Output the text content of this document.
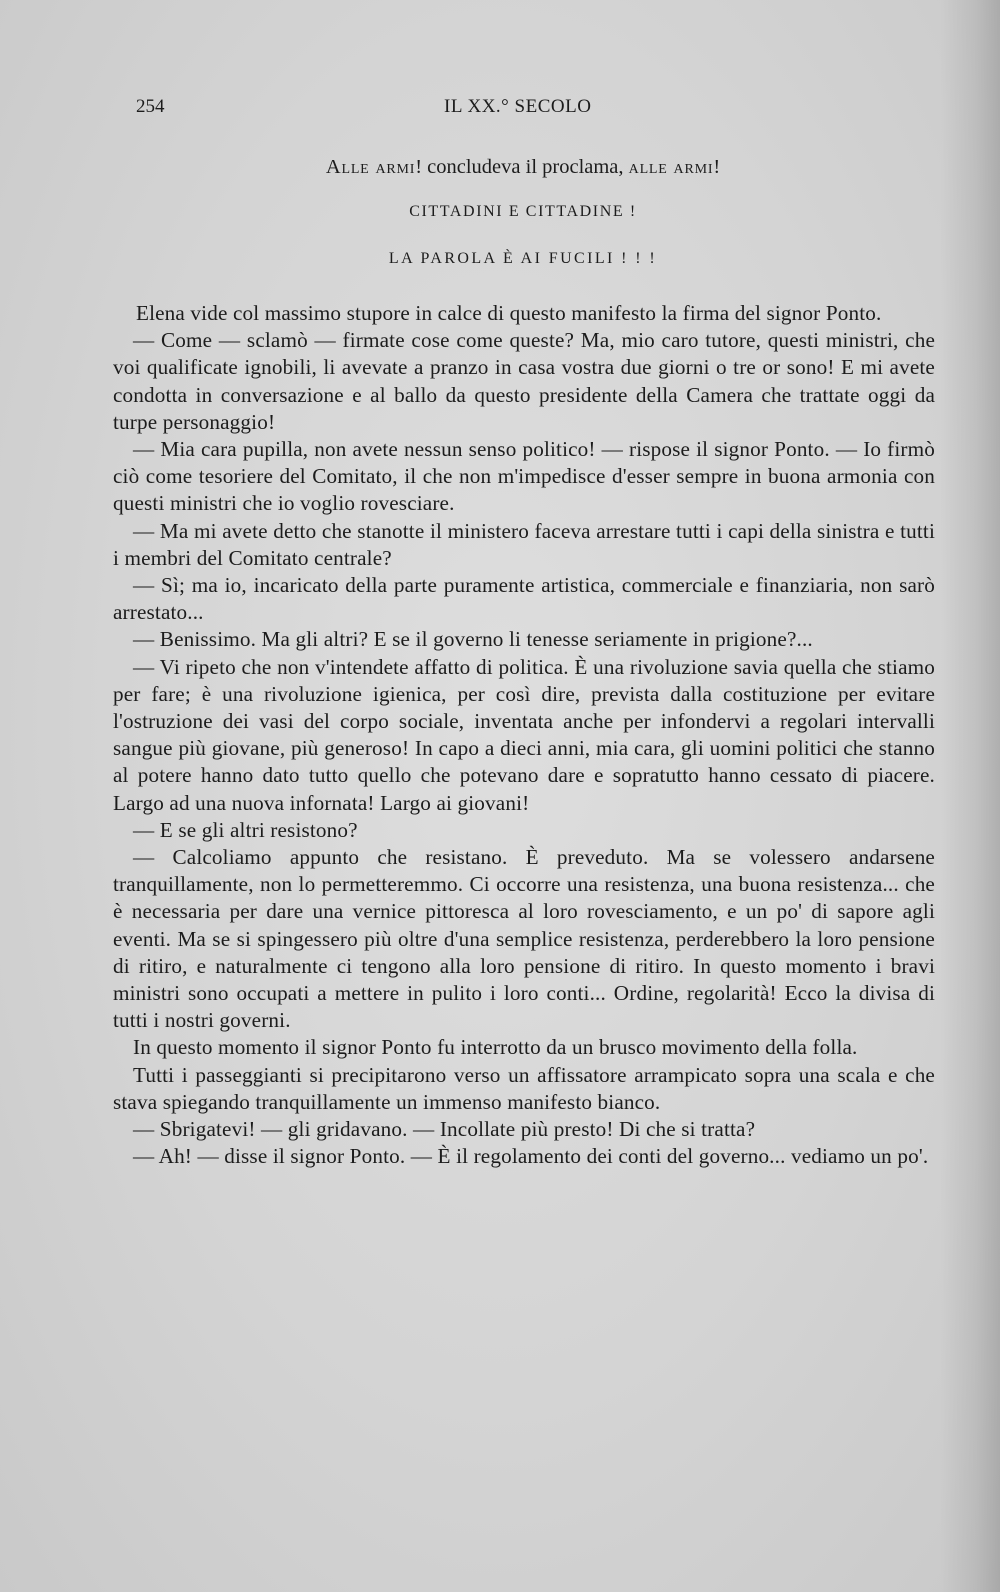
254	IL XX.° SECOLO
Alle armi! concludeva il proclama, alle armi!
CITTADINI E CITTADINE !
LA PAROLA È AI FUCILI ! ! !

Elena vide col massimo stupore in calce di questo manifesto la firma del signor Ponto.

— Come — sclamò — firmate cose come queste? Ma, mio caro tutore, questi ministri, che voi qualificate ignobili, li avevate a pranzo in casa vostra due giorni o tre or sono! E mi avete condotta in conversazione e al ballo da questo presidente della Camera che trattate oggi da turpe personaggio!

— Mia cara pupilla, non avete nessun senso politico! — rispose il signor Ponto. — Io firmò ciò come tesoriere del Comitato, il che non m'impedisce d'esser sempre in buona armonia con questi ministri che io voglio rovesciare.

— Ma mi avete detto che stanotte il ministero faceva arrestare tutti i capi della sinistra e tutti i membri del Comitato centrale?

— Sì; ma io, incaricato della parte puramente artistica, commerciale e finanziaria, non sarò arrestato...

— Benissimo. Ma gli altri? E se il governo li tenesse seriamente in prigione?...

— Vi ripeto che non v'intendete affatto di politica. È una rivoluzione savia quella che stiamo per fare; è una rivoluzione igienica, per così dire, prevista dalla costituzione per evitare l'ostruzione dei vasi del corpo sociale, inventata anche per infondervi a regolari intervalli sangue più giovane, più generoso! In capo a dieci anni, mia cara, gli uomini politici che stanno al potere hanno dato tutto quello che potevano dare e sopratutto hanno cessato di piacere. Largo ad una nuova infornata! Largo ai giovani!

— E se gli altri resistono?

— Calcoliamo appunto che resistano. È preveduto. Ma se volessero andarsene tranquillamente, non lo permetteremmo. Ci occorre una resistenza, una buona resistenza... che è necessaria per dare una vernice pittoresca al loro rovesciamento, e un po' di sapore agli eventi. Ma se si spingessero più oltre d'una semplice resistenza, perderebbero la loro pensione di ritiro, e naturalmente ci tengono alla loro pensione di ritiro. In questo momento i bravi ministri sono occupati a mettere in pulito i loro conti... Ordine, regolarità! Ecco la divisa di tutti i nostri governi.

In questo momento il signor Ponto fu interrotto da un brusco movimento della folla.

Tutti i passeggianti si precipitarono verso un affissatore arrampicato sopra una scala e che stava spiegando tranquillamente un immenso manifesto bianco.

— Sbrigatevi! — gli gridavano. — Incollate più presto! Di che si tratta?

— Ah! — disse il signor Ponto. — È il regolamento dei conti del governo... vediamo un po'.
